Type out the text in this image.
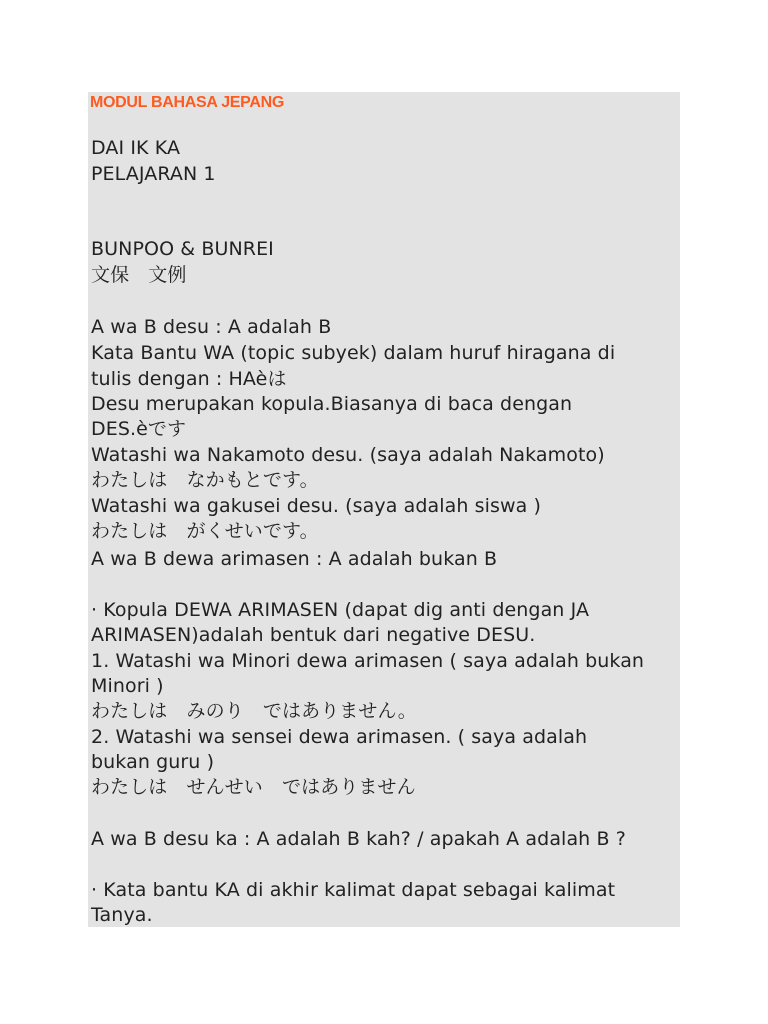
MODUL BAHASA JEPANG
DAI IK KA
PELAJARAN 1
BUNPOO & BUNREI
文保　文例
A wa B desu : A adalah B
Kata Bantu WA (topic subyek) dalam huruf hiragana di
tulis dengan : HAèは
Desu merupakan kopula.Biasanya di baca dengan
DES.èです
Watashi wa Nakamoto desu. (saya adalah Nakamoto)
わたしは　なかもとです。
Watashi wa gakusei desu. (saya adalah siswa )
わたしは　がくせいです。
A wa B dewa arimasen : A adalah bukan B
· Kopula DEWA ARIMASEN (dapat dig anti dengan JA
ARIMASEN)adalah bentuk dari negative DESU.
1. Watashi wa Minori dewa arimasen ( saya adalah bukan
Minori )
わたしは　みのり　ではありません。
2. Watashi wa sensei dewa arimasen. ( saya adalah
bukan guru )
わたしは　せんせい　ではありません
A wa B desu ka : A adalah B kah? / apakah A adalah B ?
· Kata bantu KA di akhir kalimat dapat sebagai kalimat
Tanya.
